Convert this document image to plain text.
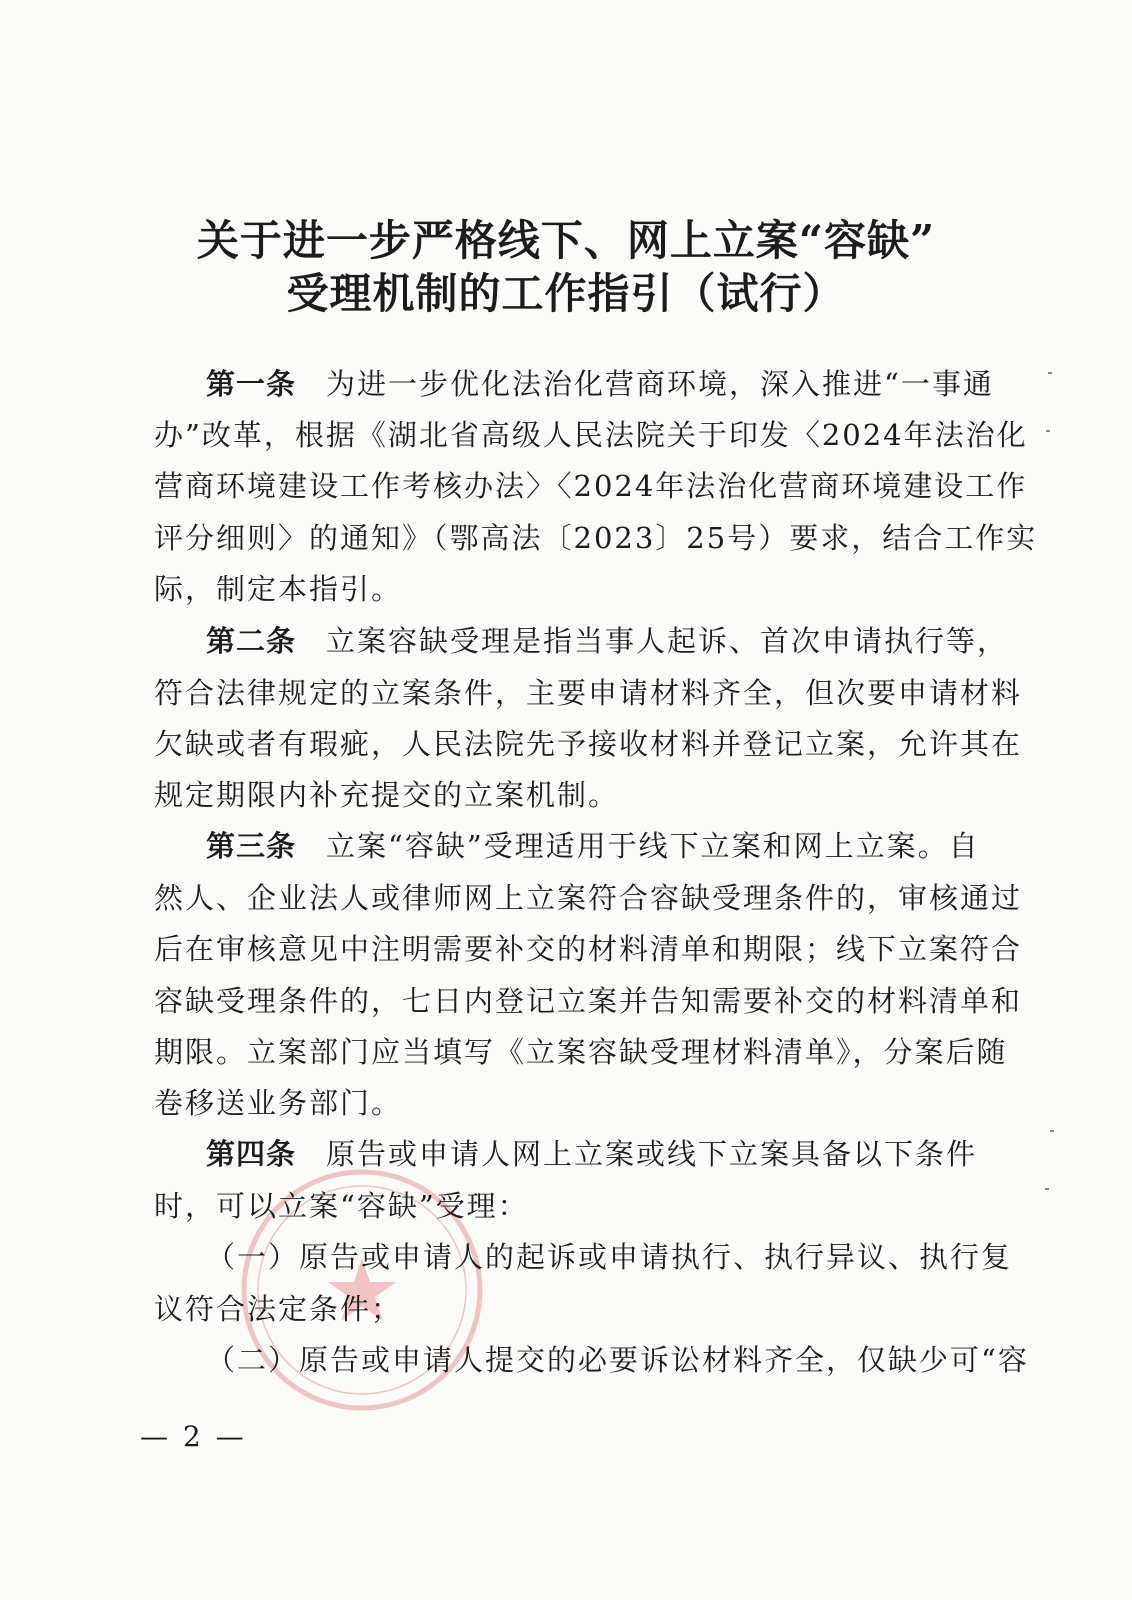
关于进一步严格线下、网上立案“容缺”
受理机制的工作指引（试行）
第一条 为进一步优化法治化营商环境，深入推进“一事通
办”改革，根据《湖北省高级人民法院关于印发〈2024年法治化
营商环境建设工作考核办法〉〈2024年法治化营商环境建设工作
评分细则〉的通知》（鄂高法〔2023〕25号）要求，结合工作实
际，制定本指引。
第二条 立案容缺受理是指当事人起诉、首次申请执行等，
符合法律规定的立案条件，主要申请材料齐全，但次要申请材料
欠缺或者有瑕疵，人民法院先予接收材料并登记立案，允许其在
规定期限内补充提交的立案机制。
第三条 立案“容缺”受理适用于线下立案和网上立案。自
然人、企业法人或律师网上立案符合容缺受理条件的，审核通过
后在审核意见中注明需要补交的材料清单和期限；线下立案符合
容缺受理条件的，七日内登记立案并告知需要补交的材料清单和
期限。立案部门应当填写《立案容缺受理材料清单》，分案后随
卷移送业务部门。
第四条 原告或申请人网上立案或线下立案具备以下条件
时，可以立案“容缺”受理：
（一）原告或申请人的起诉或申请执行、执行异议、执行复
议符合法定条件；
（二）原告或申请人提交的必要诉讼材料齐全，仅缺少可“容
— 2 —
